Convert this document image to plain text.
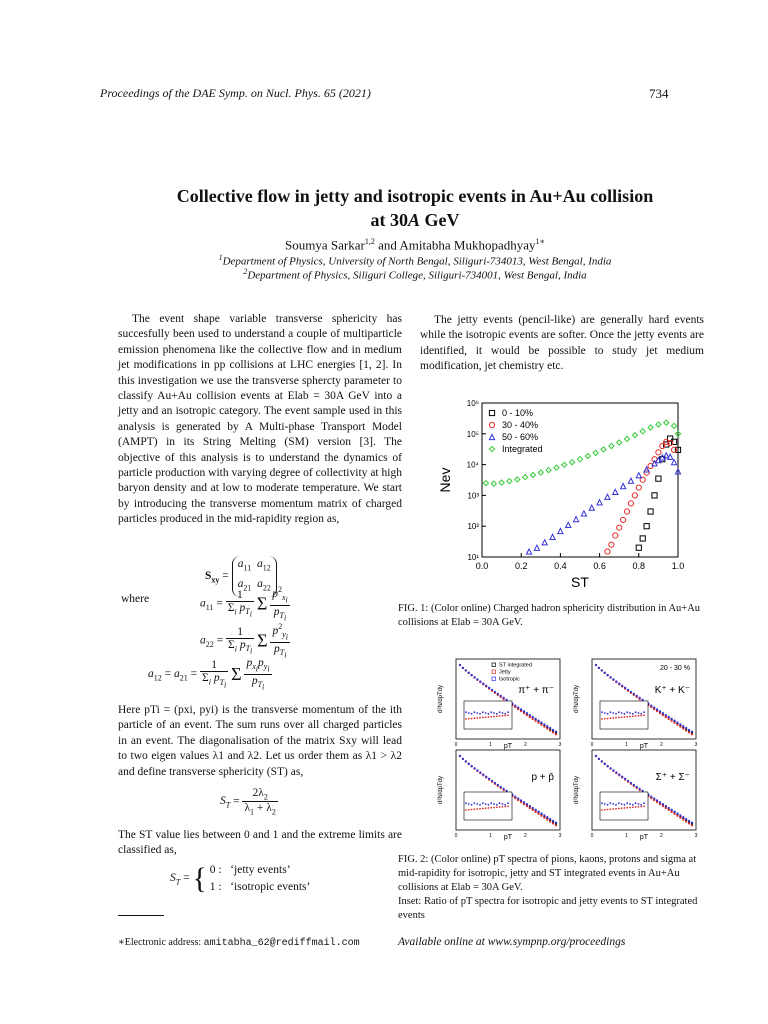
Proceedings of the DAE Symp. on Nucl. Phys. 65 (2021)	734
Collective flow in jetty and isotropic events in Au+Au collision
at 30A GeV
Soumya Sarkar$^{1,2}$ and Amitabha Mukhopadhyay$^{1∗}$
$^1$Department of Physics, University of North Bengal, Siliguri-734013, West Bengal, India
$^2$Department of Physics, Siliguri College, Siliguri-734001, West Bengal, India
The event shape variable transverse sphericity has succesfully been used to understand a couple of multiparticle emission phenomena like the collective flow and in medium jet modifications in pp collisions at LHC energies [1, 2]. In this investigation we use the transverse sphercty parameter to classify Au+Au collision events at Elab = 30A GeV into a jetty and an isotropic category. The event sample used in this analysis is generated by A Multi-phase Transport Model (AMPT) in its String Melting (SM) version [3]. The objective of this analysis is to understand the dynamics of particle production with varying degree of collectivity at high baryon density and at low to moderate temperature. We start by introducing the transverse momentum matrix of charged particles produced in the mid-rapidity region as,
$S_{xy} = a_{11}$ $a_{12}$
$a_{21}$ $a_{22}$
where	$a_{11} = \frac{1}{\Sigma_i p_{T_i}}$ Σ $\frac{p^2_{x_i}}{p_{T_i}}$
$a_{22} = \frac{1}{\Sigma_i p_{T_i}}$ Σ $\frac{p^2_{y_i}}{p_{T_i}}$
$a_{12} = a_{21} = \frac{1}{\Sigma_i p_{T_i}}$ Σ $\frac{p_{x_i}p_{y_i}}{p_{T_i}}$
Here pTi = (pxi, pyi) is the transverse momentum of the ith particle of an event. The sum runs over all charged particles in an event. The diagonalisation of the matrix Sxy will lead to two eigen values λ1 and λ2. Let us order them as λ1 > λ2 and define transverse sphericity (ST) as,
$S_T = \frac{2\lambda_2}{\lambda_1 + \lambda_2}$
The ST value lies between 0 and 1 and the extreme limits are classified as,
$S_T$ = { 0 : ‘jetty events’
1 : ‘isotropic events’
∗Electronic address: amitabha_62@rediffmail.com
The jetty events (pencil-like) are generally hard events while the isotropic events are softer. Once the jetty events are identified, it would be possible to study jet medium modification, jet chemistry etc.
0.0	0.2	0.4	0.6	0.8	1.0
10¹
10²
10³
10⁴
10⁵
10⁶
ST
Nev
0 - 10%
30 - 40%
50 - 60%
Integrated
FIG. 1: (Color online) Charged hadron sphericity distribution in Au+Au collisions at Elab = 30A GeV.
d²N/dpTdy
pT
0	1	2	3
π⁺ + π⁻
ST integrated
Jetty
Isotropic
d²N/dpTdy
pT
0	1	2	3
K⁺ + K⁻
20 - 30 %
d²N/dpTdy
pT
0	1	2	3
p + p̄	d²N/dpTdy
pT
0	1	2	3
Σ⁺ + Σ⁻
FIG. 2: (Color online) pT spectra of pions, kaons, protons and sigma at mid-rapidity for isotropic, jetty and ST integrated events in Au+Au collisions at Elab = 30A GeV.
Inset: Ratio of pT spectra for isotropic and jetty events to ST integrated events
Available online at www.sympnp.org/proceedings
